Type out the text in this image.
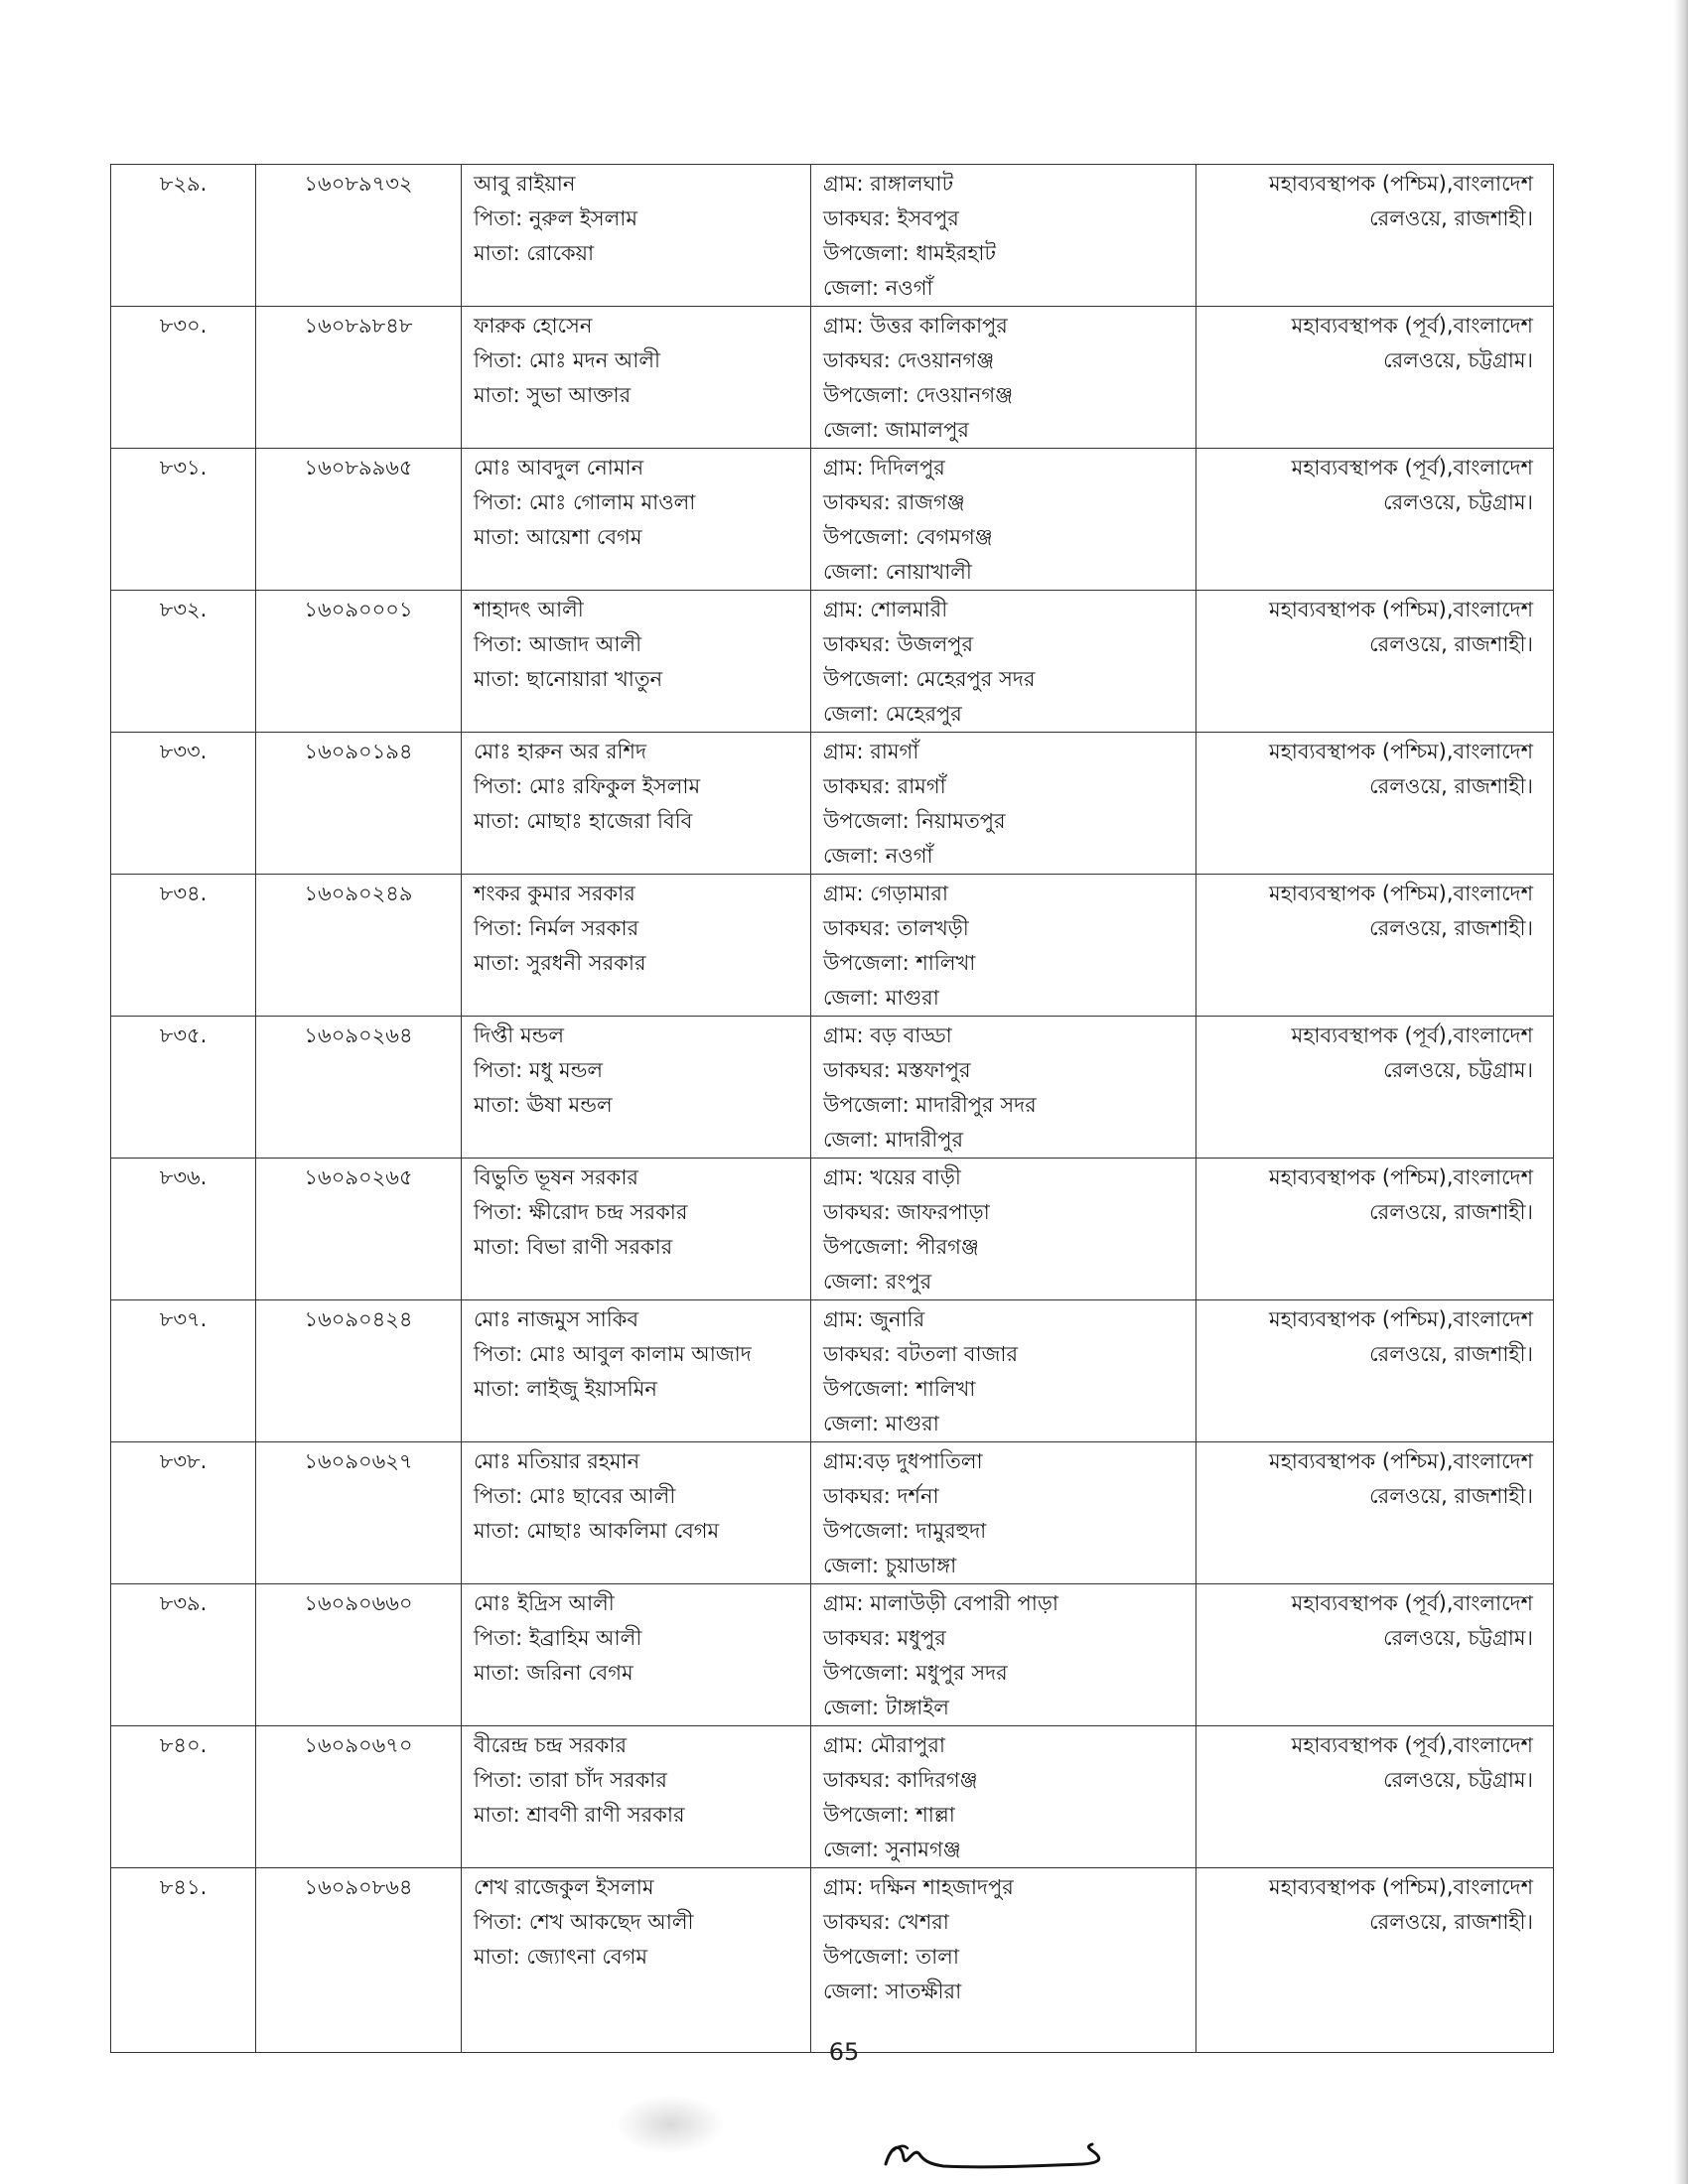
৮২৯.	১৬০৮৯৭৩২	আবু রাইয়ান
পিতা: নুরুল ইসলাম
মাতা: রোকেয়া	গ্রাম: রাঙ্গালঘাট
ডাকঘর: ইসবপুর
উপজেলা: ধামইরহাট
জেলা: নওগাঁ	মহাব্যবস্থাপক (পশ্চিম),বাংলাদেশ
রেলওয়ে, রাজশাহী।

৮৩০.	১৬০৮৯৮৪৮	ফারুক হোসেন
পিতা: মোঃ মদন আলী
মাতা: সুভা আক্তার	গ্রাম: উত্তর কালিকাপুর
ডাকঘর: দেওয়ানগঞ্জ
উপজেলা: দেওয়ানগঞ্জ
জেলা: জামালপুর	মহাব্যবস্থাপক (পূর্ব),বাংলাদেশ
রেলওয়ে, চট্টগ্রাম।

৮৩১.	১৬০৮৯৯৬৫	মোঃ আবদুল নোমান
পিতা: মোঃ গোলাম মাওলা
মাতা: আয়েশা বেগম	গ্রাম: দিদিলপুর
ডাকঘর: রাজগঞ্জ
উপজেলা: বেগমগঞ্জ
জেলা: নোয়াখালী	মহাব্যবস্থাপক (পূর্ব),বাংলাদেশ
রেলওয়ে, চট্টগ্রাম।

৮৩২.	১৬০৯০০০১	শাহাদৎ আলী
পিতা: আজাদ আলী
মাতা: ছানোয়ারা খাতুন	গ্রাম: শোলমারী
ডাকঘর: উজলপুর
উপজেলা: মেহেরপুর সদর
জেলা: মেহেরপুর	মহাব্যবস্থাপক (পশ্চিম),বাংলাদেশ
রেলওয়ে, রাজশাহী।

৮৩৩.	১৬০৯০১৯৪	মোঃ হারুন অর রশিদ
পিতা: মোঃ রফিকুল ইসলাম
মাতা: মোছাঃ হাজেরা বিবি	গ্রাম: রামগাঁ
ডাকঘর: রামগাঁ
উপজেলা: নিয়ামতপুর
জেলা: নওগাঁ	মহাব্যবস্থাপক (পশ্চিম),বাংলাদেশ
রেলওয়ে, রাজশাহী।

৮৩৪.	১৬০৯০২৪৯	শংকর কুমার সরকার
পিতা: নির্মল সরকার
মাতা: সুরধনী সরকার	গ্রাম: গেড়ামারা
ডাকঘর: তালখড়ী
উপজেলা: শালিখা
জেলা: মাগুরা	মহাব্যবস্থাপক (পশ্চিম),বাংলাদেশ
রেলওয়ে, রাজশাহী।

৮৩৫.	১৬০৯০২৬৪	দিপ্তী মন্ডল
পিতা: মধু মন্ডল
মাতা: ঊষা মন্ডল	গ্রাম: বড় বাড্ডা
ডাকঘর: মস্তফাপুর
উপজেলা: মাদারীপুর সদর
জেলা: মাদারীপুর	মহাব্যবস্থাপক (পূর্ব),বাংলাদেশ
রেলওয়ে, চট্টগ্রাম।

৮৩৬.	১৬০৯০২৬৫	বিভুতি ভূষন সরকার
পিতা: ক্ষীরোদ চন্দ্র সরকার
মাতা: বিভা রাণী সরকার	গ্রাম: খয়ের বাড়ী
ডাকঘর: জাফরপাড়া
উপজেলা: পীরগঞ্জ
জেলা: রংপুর	মহাব্যবস্থাপক (পশ্চিম),বাংলাদেশ
রেলওয়ে, রাজশাহী।

৮৩৭.	১৬০৯০৪২৪	মোঃ নাজমুস সাকিব
পিতা: মোঃ আবুল কালাম আজাদ
মাতা: লাইজু ইয়াসমিন	গ্রাম: জুনারি
ডাকঘর: বটতলা বাজার
উপজেলা: শালিখা
জেলা: মাগুরা	মহাব্যবস্থাপক (পশ্চিম),বাংলাদেশ
রেলওয়ে, রাজশাহী।

৮৩৮.	১৬০৯০৬২৭	মোঃ মতিয়ার রহমান
পিতা: মোঃ ছাবের আলী
মাতা: মোছাঃ আকলিমা বেগম	গ্রাম:বড় দুধপাতিলা
ডাকঘর: দর্শনা
উপজেলা: দামুরহুদা
জেলা: চুয়াডাঙ্গা	মহাব্যবস্থাপক (পশ্চিম),বাংলাদেশ
রেলওয়ে, রাজশাহী।

৮৩৯.	১৬০৯০৬৬০	মোঃ ইদ্রিস আলী
পিতা: ইব্রাহিম আলী
মাতা: জরিনা বেগম	গ্রাম: মালাউড়ী বেপারী পাড়া
ডাকঘর: মধুপুর
উপজেলা: মধুপুর সদর
জেলা: টাঙ্গাইল	মহাব্যবস্থাপক (পূর্ব),বাংলাদেশ
রেলওয়ে, চট্টগ্রাম।

৮৪০.	১৬০৯০৬৭০	বীরেন্দ্র চন্দ্র সরকার
পিতা: তারা চাঁদ সরকার
মাতা: শ্রাবণী রাণী সরকার	গ্রাম: মৌরাপুরা
ডাকঘর: কাদিরগঞ্জ
উপজেলা: শাল্লা
জেলা: সুনামগঞ্জ	মহাব্যবস্থাপক (পূর্ব),বাংলাদেশ
রেলওয়ে, চট্টগ্রাম।

৮৪১.	১৬০৯০৮৬৪	শেখ রাজেকুল ইসলাম
পিতা: শেখ আকছেদ আলী
মাতা: জ্যোৎনা বেগম	গ্রাম: দক্ষিন শাহজাদপুর
ডাকঘর: খেশরা
উপজেলা: তালা
জেলা: সাতক্ষীরা	মহাব্যবস্থাপক (পশ্চিম),বাংলাদেশ
রেলওয়ে, রাজশাহী।
65
